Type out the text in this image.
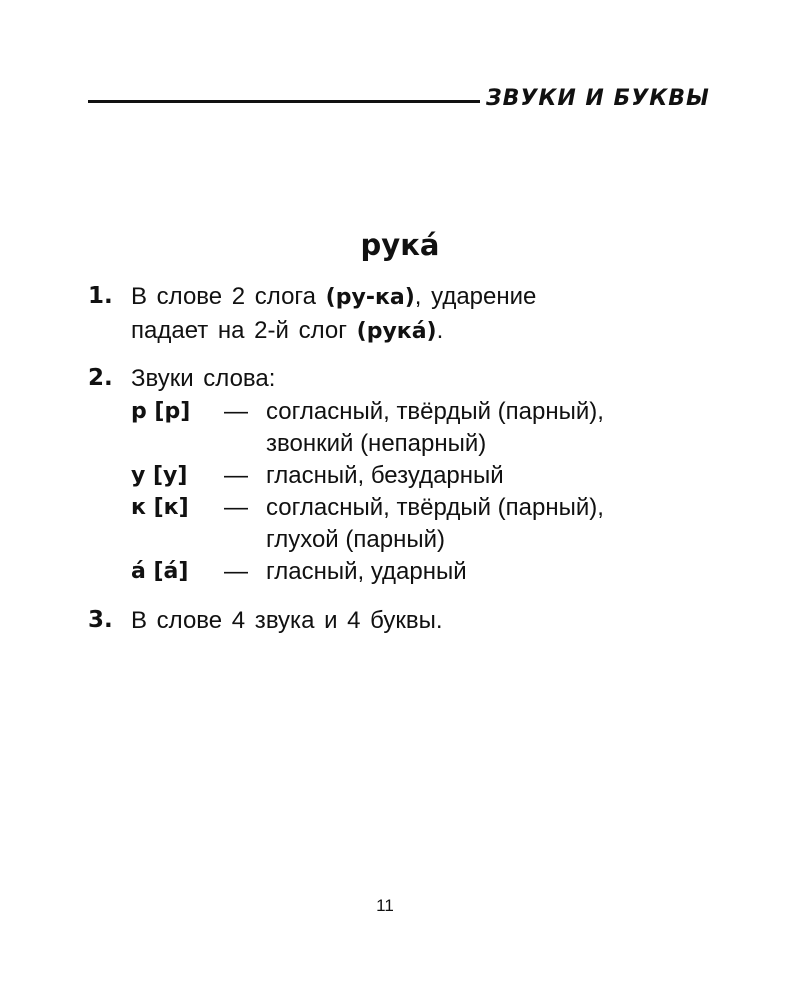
ЗВУКИ И БУКВЫ
рука́
1. В слове 2 слога (ру-ка), ударение
падает на 2-й слог (рука́).
2. Звуки слова:
р [р] — согласный, твёрдый (парный),
звонкий (непарный)
у [у] — гласный, безударный
к [к] — согласный, твёрдый (парный),
глухой (парный)
а́ [а́] — гласный, ударный
3. В слове 4 звука и 4 буквы.
11
